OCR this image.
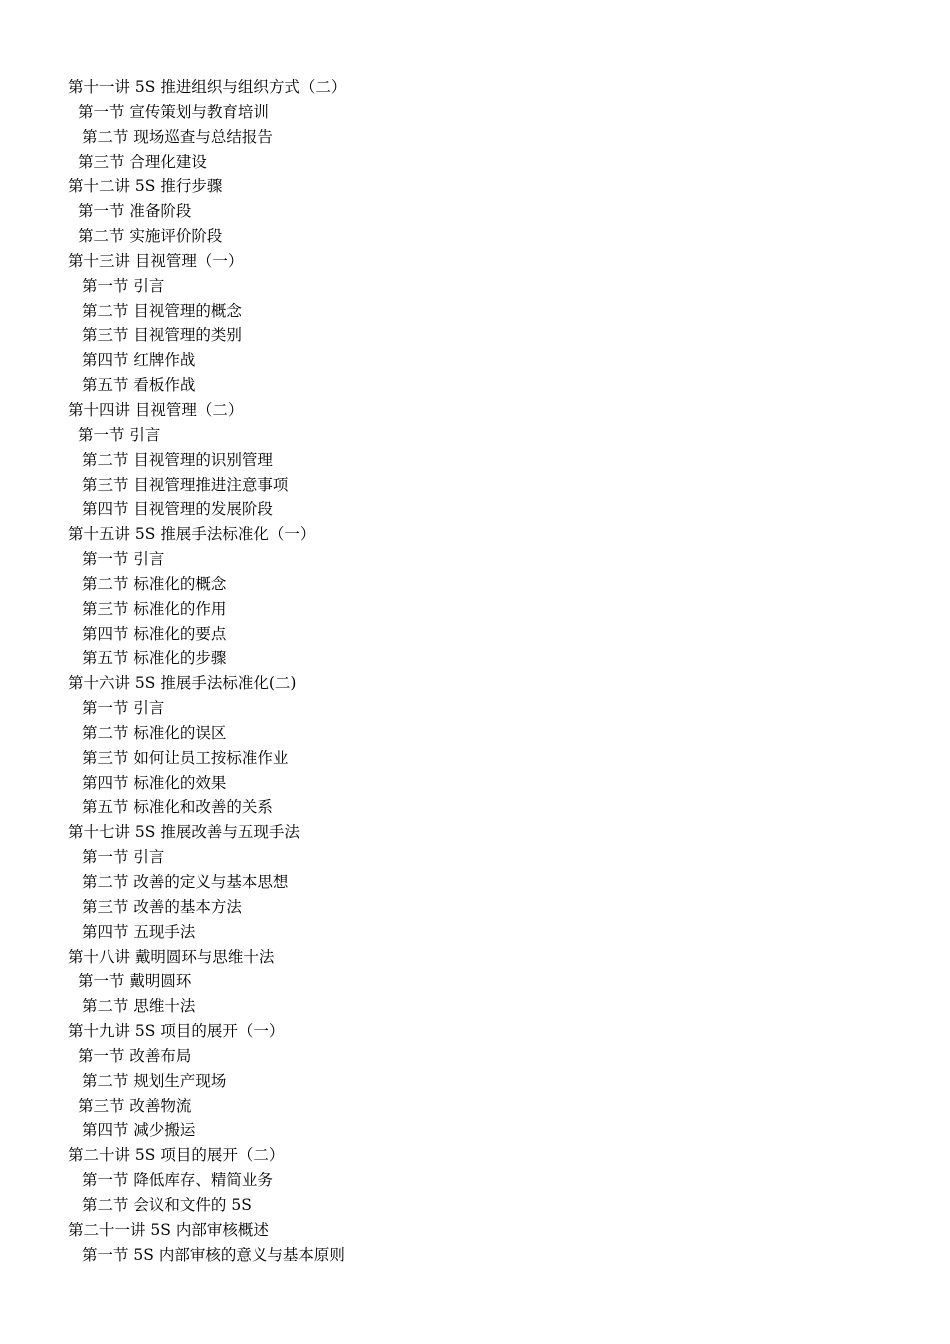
第十一讲 5S 推进组织与组织方式（二）
第一节 宣传策划与教育培训
第二节 现场巡查与总结报告
第三节 合理化建设
第十二讲 5S 推行步骤
第一节 准备阶段
第二节 实施评价阶段
第十三讲 目视管理（一）
第一节 引言
第二节 目视管理的概念
第三节 目视管理的类别
第四节 红牌作战
第五节 看板作战
第十四讲 目视管理（二）
第一节 引言
第二节 目视管理的识别管理
第三节 目视管理推进注意事项
第四节 目视管理的发展阶段
第十五讲 5S 推展手法标准化（一）
第一节 引言
第二节 标准化的概念
第三节 标准化的作用
第四节 标准化的要点
第五节 标准化的步骤
第十六讲 5S 推展手法标准化(二)
第一节 引言
第二节 标准化的误区
第三节 如何让员工按标准作业
第四节 标准化的效果
第五节 标准化和改善的关系
第十七讲 5S 推展改善与五现手法
第一节 引言
第二节 改善的定义与基本思想
第三节 改善的基本方法
第四节 五现手法
第十八讲 戴明圆环与思维十法
第一节 戴明圆环
第二节 思维十法
第十九讲 5S 项目的展开（一）
第一节 改善布局
第二节 规划生产现场
第三节 改善物流
第四节 减少搬运
第二十讲 5S 项目的展开（二）
第一节 降低库存、精简业务
第二节 会议和文件的 5S
第二十一讲 5S 内部审核概述
第一节 5S 内部审核的意义与基本原则
